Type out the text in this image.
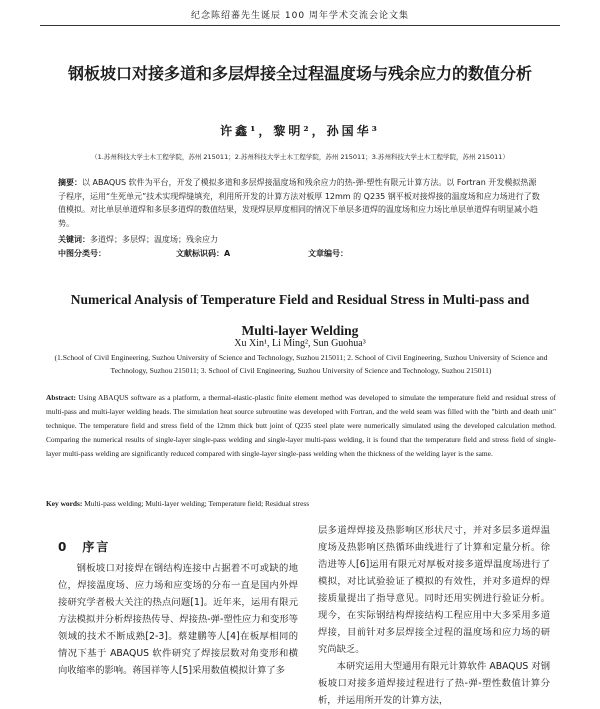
纪念陈绍蕃先生诞辰 100 周年学术交流会论文集
钢板坡口对接多道和多层焊接全过程温度场与残余应力的数值分析
许鑫¹，黎明²，孙国华³
（1.苏州科技大学土木工程学院，苏州 215011；2.苏州科技大学土木工程学院，苏州 215011；3.苏州科技大学土木工程学院，苏州 215011）
摘要：以 ABAQUS 软件为平台，开发了模拟多道和多层焊接温度场和残余应力的热-弹-塑性有限元计算方法。以 Fortran 开发模拟热源子程序，运用“生死单元”技术实现焊缝填充，利用所开发的计算方法对板厚 12mm 的 Q235 钢平板对接焊接的温度场和应力场进行了数值模拟。对比单层单道焊和多层多道焊的数值结果，发现焊层厚度相同的情况下单层多道焊的温度场和应力场比单层单道焊有明显减小趋势。
关键词：多道焊；多层焊；温度场；残余应力
中图分类号：	文献标识码：A	文章编号：
Numerical Analysis of Temperature Field and Residual Stress in Multi-pass and
Multi-layer Welding
Xu Xin¹, Li Ming², Sun Guohua³
(1.School of Civil Engineering, Suzhou University of Science and Technology, Suzhou 215011; 2. School of Civil Engineering, Suzhou University of Science and Technology, Suzhou 215011; 3. School of Civil Engineering, Suzhou University of Science and Technology, Suzhou 215011)
Abstract: Using ABAQUS software as a platform, a thermal-elastic-plastic finite element method was developed to simulate the temperature field and residual stress of multi-pass and multi-layer welding heads. The simulation heat source subroutine was developed with Fortran, and the weld seam was filled with the "birth and death unit" technique. The temperature field and stress field of the 12mm thick butt joint of Q235 steel plate were numerically simulated using the developed calculation method. Comparing the numerical results of single-layer single-pass welding and single-layer multi-pass welding, it is found that the temperature field and stress field of single-layer multi-pass welding are significantly reduced compared with single-layer single-pass welding when the thickness of the welding layer is the same.
Key words: Multi-pass welding; Multi-layer welding; Temperature field; Residual stress
0 序言
钢板坡口对接焊在钢结构连接中占据着不可或缺的地位，焊接温度场、应力场和应变场的分布一直是国内外焊接研究学者极大关注的热点问题[1]。近年来，运用有限元方法模拟并分析焊接热传导、焊接热-弹-塑性应力和变形等领域的技术不断成熟[2-3]。蔡建鹏等人[4]在板厚相同的情况下基于 ABAQUS 软件研究了焊接层数对角变形和横向收缩率的影响。蒋国祥等人[5]采用数值模拟计算了多
层多道焊焊接及热影响区形状尺寸，并对多层多道焊温度场及热影响区热循环曲线进行了计算和定量分析。徐浩进等人[6]运用有限元对厚板对接多道焊温度场进行了模拟，对比试验验证了模拟的有效性，并对多道焊的焊接质量提出了指导意见。同时还用实例进行验证分析。现今，在实际钢结构焊接结构工程应用中大多采用多道焊接，目前针对多层焊接全过程的温度场和应力场的研究尚缺乏。
本研究运用大型通用有限元计算软件 ABAQUS 对钢板坡口对接多道焊接过程进行了热-弹-塑性数值计算分析，并运用所开发的计算方法，
